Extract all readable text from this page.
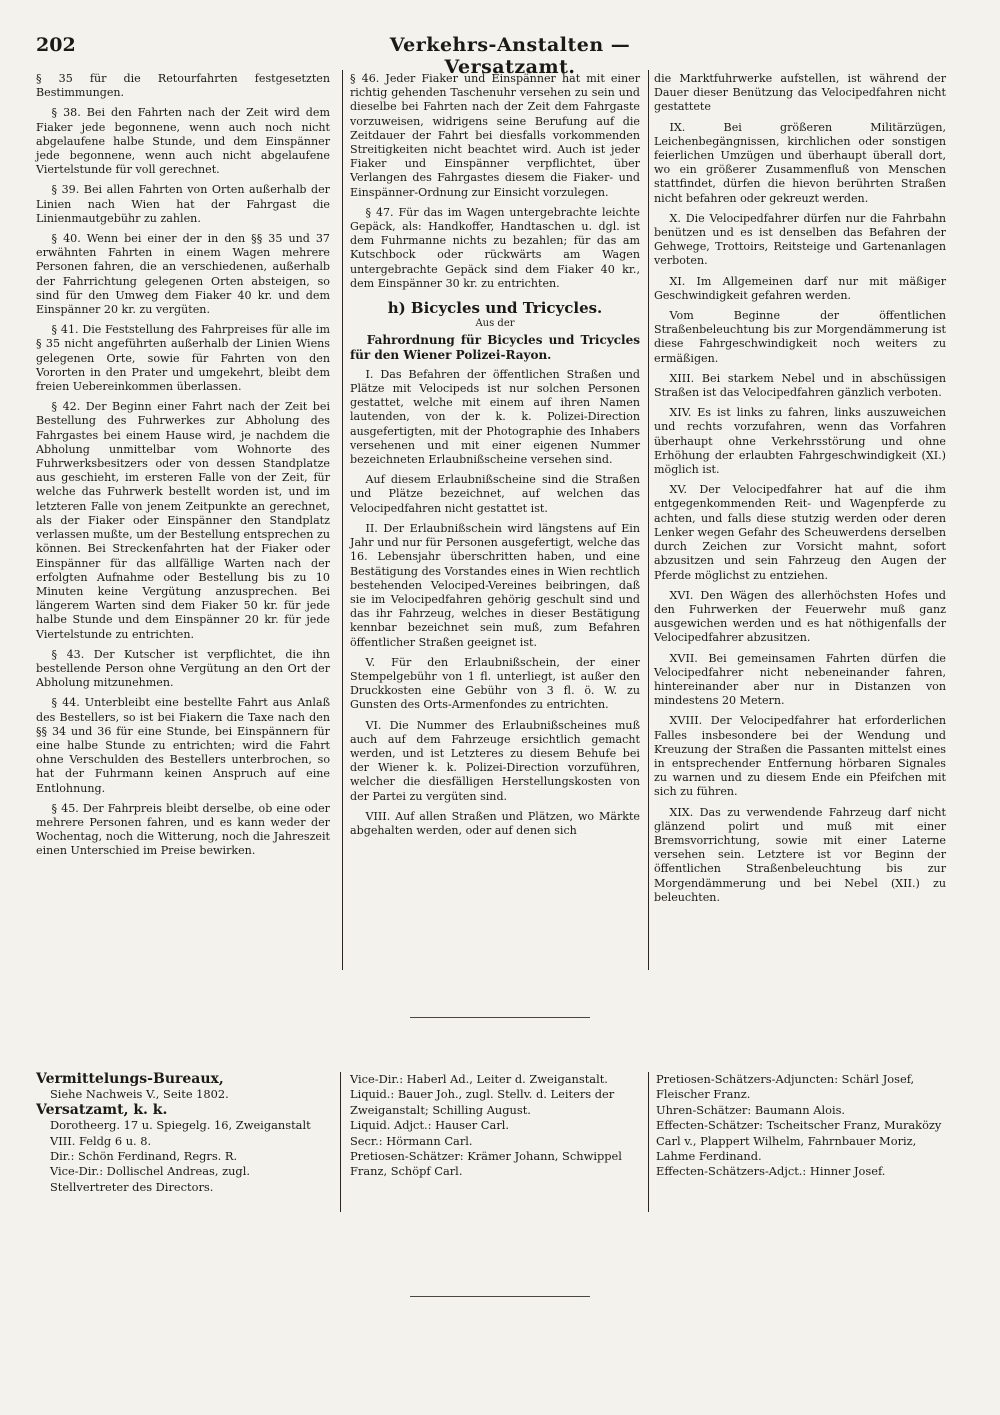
202	Verkehrs-Anstalten — Versatzamt.

§ 35 für die Retourfahrten festgesetzten Bestimmungen.

§ 38. Bei den Fahrten nach der Zeit wird dem Fiaker jede begonnene, wenn auch noch nicht abgelaufene halbe Stunde, und dem Einspänner jede begonnene, wenn auch nicht abgelaufene Viertelstunde für voll gerechnet.

§ 39. Bei allen Fahrten von Orten außerhalb der Linien nach Wien hat der Fahrgast die Linienmautgebühr zu zahlen.

§ 40. Wenn bei einer der in den §§ 35 und 37 erwähnten Fahrten in einem Wagen mehrere Personen fahren, die an verschiedenen, außerhalb der Fahrrichtung gelegenen Orten absteigen, so sind für den Umweg dem Fiaker 40 kr. und dem Einspänner 20 kr. zu vergüten.

§ 41. Die Feststellung des Fahrpreises für alle im § 35 nicht angeführten außerhalb der Linien Wiens gelegenen Orte, sowie für Fahrten von den Vororten in den Prater und umgekehrt, bleibt dem freien Uebereinkommen überlassen.

§ 42. Der Beginn einer Fahrt nach der Zeit bei Bestellung des Fuhrwerkes zur Abholung des Fahrgastes bei einem Hause wird, je nachdem die Abholung unmittelbar vom Wohnorte des Fuhrwerksbesitzers oder von dessen Standplatze aus geschieht, im ersteren Falle von der Zeit, für welche das Fuhrwerk bestellt worden ist, und im letzteren Falle von jenem Zeitpunkte an gerechnet, als der Fiaker oder Einspänner den Standplatz verlassen mußte, um der Bestellung entsprechen zu können. Bei Streckenfahrten hat der Fiaker oder Einspänner für das allfällige Warten nach der erfolgten Aufnahme oder Bestellung bis zu 10 Minuten keine Vergütung anzusprechen. Bei längerem Warten sind dem Fiaker 50 kr. für jede halbe Stunde und dem Einspänner 20 kr. für jede Viertelstunde zu entrichten.

§ 43. Der Kutscher ist verpflichtet, die ihn bestellende Person ohne Vergütung an den Ort der Abholung mitzunehmen.

§ 44. Unterbleibt eine bestellte Fahrt aus Anlaß des Bestellers, so ist bei Fiakern die Taxe nach den §§ 34 und 36 für eine Stunde, bei Einspännern für eine halbe Stunde zu entrichten; wird die Fahrt ohne Verschulden des Bestellers unterbrochen, so hat der Fuhrmann keinen Anspruch auf eine Entlohnung.

§ 45. Der Fahrpreis bleibt derselbe, ob eine oder mehrere Personen fahren, und es kann weder der Wochentag, noch die Witterung, noch die Jahreszeit einen Unterschied im Preise bewirken.

§ 46. Jeder Fiaker und Einspänner hat mit einer richtig gehenden Taschenuhr versehen zu sein und dieselbe bei Fahrten nach der Zeit dem Fahrgaste vorzuweisen, widrigens seine Berufung auf die Zeitdauer der Fahrt bei diesfalls vorkommenden Streitigkeiten nicht beachtet wird. Auch ist jeder Fiaker und Einspänner verpflichtet, über Verlangen des Fahrgastes diesem die Fiaker- und Einspänner-Ordnung zur Einsicht vorzulegen.

§ 47. Für das im Wagen untergebrachte leichte Gepäck, als: Handkoffer, Handtaschen u. dgl. ist dem Fuhrmanne nichts zu bezahlen; für das am Kutschbock oder rückwärts am Wagen untergebrachte Gepäck sind dem Fiaker 40 kr., dem Einspänner 30 kr. zu entrichten.

h) Bicycles und Tricycles.
Aus der

Fahrordnung für Bicycles und Tricycles für den Wiener Polizei-Rayon.

I. Das Befahren der öffentlichen Straßen und Plätze mit Velocipeds ist nur solchen Personen gestattet, welche mit einem auf ihren Namen lautenden, von der k. k. Polizei-Direction ausgefertigten, mit der Photographie des Inhabers versehenen und mit einer eigenen Nummer bezeichneten Erlaubnißscheine versehen sind.

Auf diesem Erlaubnißscheine sind die Straßen und Plätze bezeichnet, auf welchen das Velocipedfahren nicht gestattet ist.

II. Der Erlaubnißschein wird längstens auf Ein Jahr und nur für Personen ausgefertigt, welche das 16. Lebensjahr überschritten haben, und eine Bestätigung des Vorstandes eines in Wien rechtlich bestehenden Velociped-Vereines beibringen, daß sie im Velocipedfahren gehörig geschult sind und das ihr Fahrzeug, welches in dieser Bestätigung kennbar bezeichnet sein muß, zum Befahren öffentlicher Straßen geeignet ist.

V. Für den Erlaubnißschein, der einer Stempelgebühr von 1 fl. unterliegt, ist außer den Druckkosten eine Gebühr von 3 fl. ö. W. zu Gunsten des Orts-Armenfondes zu entrichten.

VI. Die Nummer des Erlaubnißscheines muß auch auf dem Fahrzeuge ersichtlich gemacht werden, und ist Letzteres zu diesem Behufe bei der Wiener k. k. Polizei-Direction vorzuführen, welcher die diesfälligen Herstellungskosten von der Partei zu vergüten sind.

VIII. Auf allen Straßen und Plätzen, wo Märkte abgehalten werden, oder auf denen sich

die Marktfuhrwerke aufstellen, ist während der Dauer dieser Benützung das Velocipedfahren nicht gestattete

IX. Bei größeren Militärzügen, Leichenbegängnissen, kirchlichen oder sonstigen feierlichen Umzügen und überhaupt überall dort, wo ein größerer Zusammenfluß von Menschen stattfindet, dürfen die hievon berührten Straßen nicht befahren oder gekreuzt werden.

X. Die Velocipedfahrer dürfen nur die Fahrbahn benützen und es ist denselben das Befahren der Gehwege, Trottoirs, Reitsteige und Gartenanlagen verboten.

XI. Im Allgemeinen darf nur mit mäßiger Geschwindigkeit gefahren werden.

Vom Beginne der öffentlichen Straßenbeleuchtung bis zur Morgendämmerung ist diese Fahrgeschwindigkeit noch weiters zu ermäßigen.

XIII. Bei starkem Nebel und in abschüssigen Straßen ist das Velocipedfahren gänzlich verboten.

XIV. Es ist links zu fahren, links auszuweichen und rechts vorzufahren, wenn das Vorfahren überhaupt ohne Verkehrsstörung und ohne Erhöhung der erlaubten Fahrgeschwindigkeit (XI.) möglich ist.

XV. Der Velocipedfahrer hat auf die ihm entgegenkommenden Reit- und Wagenpferde zu achten, und falls diese stutzig werden oder deren Lenker wegen Gefahr des Scheuwerdens derselben durch Zeichen zur Vorsicht mahnt, sofort abzusitzen und sein Fahrzeug den Augen der Pferde möglichst zu entziehen.

XVI. Den Wägen des allerhöchsten Hofes und den Fuhrwerken der Feuerwehr muß ganz ausgewichen werden und es hat nöthigenfalls der Velocipedfahrer abzusitzen.

XVII. Bei gemeinsamen Fahrten dürfen die Velocipedfahrer nicht nebeneinander fahren, hintereinander aber nur in Distanzen von mindestens 20 Metern.

XVIII. Der Velocipedfahrer hat erforderlichen Falles insbesondere bei der Wendung und Kreuzung der Straßen die Passanten mittelst eines in entsprechender Entfernung hörbaren Signales zu warnen und zu diesem Ende ein Pfeifchen mit sich zu führen.

XIX. Das zu verwendende Fahrzeug darf nicht glänzend polirt und muß mit einer Bremsvorrichtung, sowie mit einer Laterne versehen sein. Letztere ist vor Beginn der öffentlichen Straßenbeleuchtung bis zur Morgendämmerung und bei Nebel (XII.) zu beleuchten.

Vermittelungs-Bureaux,
Siehe Nachweis V., Seite 1802.
Versatzamt, k. k.
Dorotheerg. 17 u. Spiegelg. 16, Zweiganstalt VIII. Feldg 6 u. 8.
Dir.: Schön Ferdinand, Regrs. R.
Vice-Dir.: Dollischel Andreas, zugl. Stellvertreter des Directors.
Vice-Dir.: Haberl Ad., Leiter d. Zweiganstalt.
Liquid.: Bauer Joh., zugl. Stellv. d. Leiters der Zweiganstalt; Schilling August.
Liquid. Adjct.: Hauser Carl.
Secr.: Hörmann Carl.
Pretiosen-Schätzer: Krämer Johann, Schwippel Franz, Schöpf Carl.
Pretiosen-Schätzers-Adjuncten: Schärl Josef, Fleischer Franz.
Uhren-Schätzer: Baumann Alois.
Effecten-Schätzer: Tscheitscher Franz, Muraközy Carl v., Plappert Wilhelm, Fahrnbauer Moriz, Lahme Ferdinand.
Effecten-Schätzers-Adjct.: Hinner Josef.
